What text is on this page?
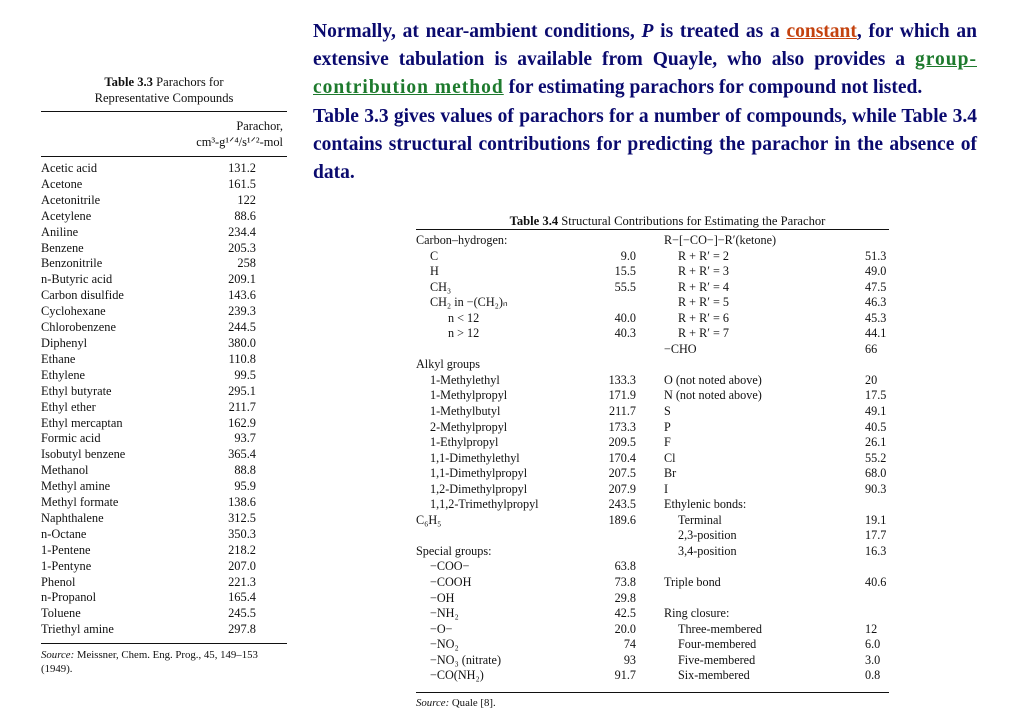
Normally, at near-ambient conditions, P is treated as a constant, for which an extensive tabulation is available from Quayle, who also provides a group-contribution method for estimating parachors for compound not listed.

Table 3.3 gives values of parachors for a number of compounds, while Table 3.4 contains structural contributions for predicting the parachor in the absence of data.

Table 3.3 Parachors for
Representative Compounds
Parachor,
cm³-g¹ᐟ⁴/s¹ᐟ²-mol
Acetic acid	131.2
Acetone	161.5
Acetonitrile	122
Acetylene	88.6
Aniline	234.4
Benzene	205.3
Benzonitrile	258
n-Butyric acid	209.1
Carbon disulfide	143.6
Cyclohexane	239.3
Chlorobenzene	244.5
Diphenyl	380.0
Ethane	110.8
Ethylene	99.5
Ethyl butyrate	295.1
Ethyl ether	211.7
Ethyl mercaptan	162.9
Formic acid	93.7
Isobutyl benzene	365.4
Methanol	88.8
Methyl amine	95.9
Methyl formate	138.6
Naphthalene	312.5
n-Octane	350.3
1-Pentene	218.2
1-Pentyne	207.0
Phenol	221.3
n-Propanol	165.4
Toluene	245.5
Triethyl amine	297.8
Source: Meissner, Chem. Eng. Prog., 45, 149–153 (1949).
Table 3.4 Structural Contributions for Estimating the Parachor
Carbon–hydrogen:
C	9.0
H	15.5
CH₃	55.5
CH₂ in −(CH₂)ₙ
n < 12	40.0
n > 12	40.3
Alkyl groups
1-Methylethyl	133.3
1-Methylpropyl	171.9
1-Methylbutyl	211.7
2-Methylpropyl	173.3
1-Ethylpropyl	209.5
1,1-Dimethylethyl	170.4
1,1-Dimethylpropyl	207.5
1,2-Dimethylpropyl	207.9
1,1,2-Trimethylpropyl	243.5
C₆H₅	189.6
Special groups:
−COO−	63.8
−COOH	73.8
−OH	29.8
−NH₂	42.5
−O−	20.0
−NO₂	74
−NO₃ (nitrate)	93
−CO(NH₂)	91.7
R−[−CO−]−R′(ketone)
R + R′ = 2	51.3
R + R′ = 3	49.0
R + R′ = 4	47.5
R + R′ = 5	46.3
R + R′ = 6	45.3
R + R′ = 7	44.1
−CHO	66
O (not noted above)	20
N (not noted above)	17.5
S	49.1
P	40.5
F	26.1
Cl	55.2
Br	68.0
I	90.3
Ethylenic bonds:
Terminal	19.1
2,3-position	17.7
3,4-position	16.3
Triple bond	40.6
Ring closure:
Three-membered	12
Four-membered	6.0
Five-membered	3.0
Six-membered	0.8
Source: Quale [8].
